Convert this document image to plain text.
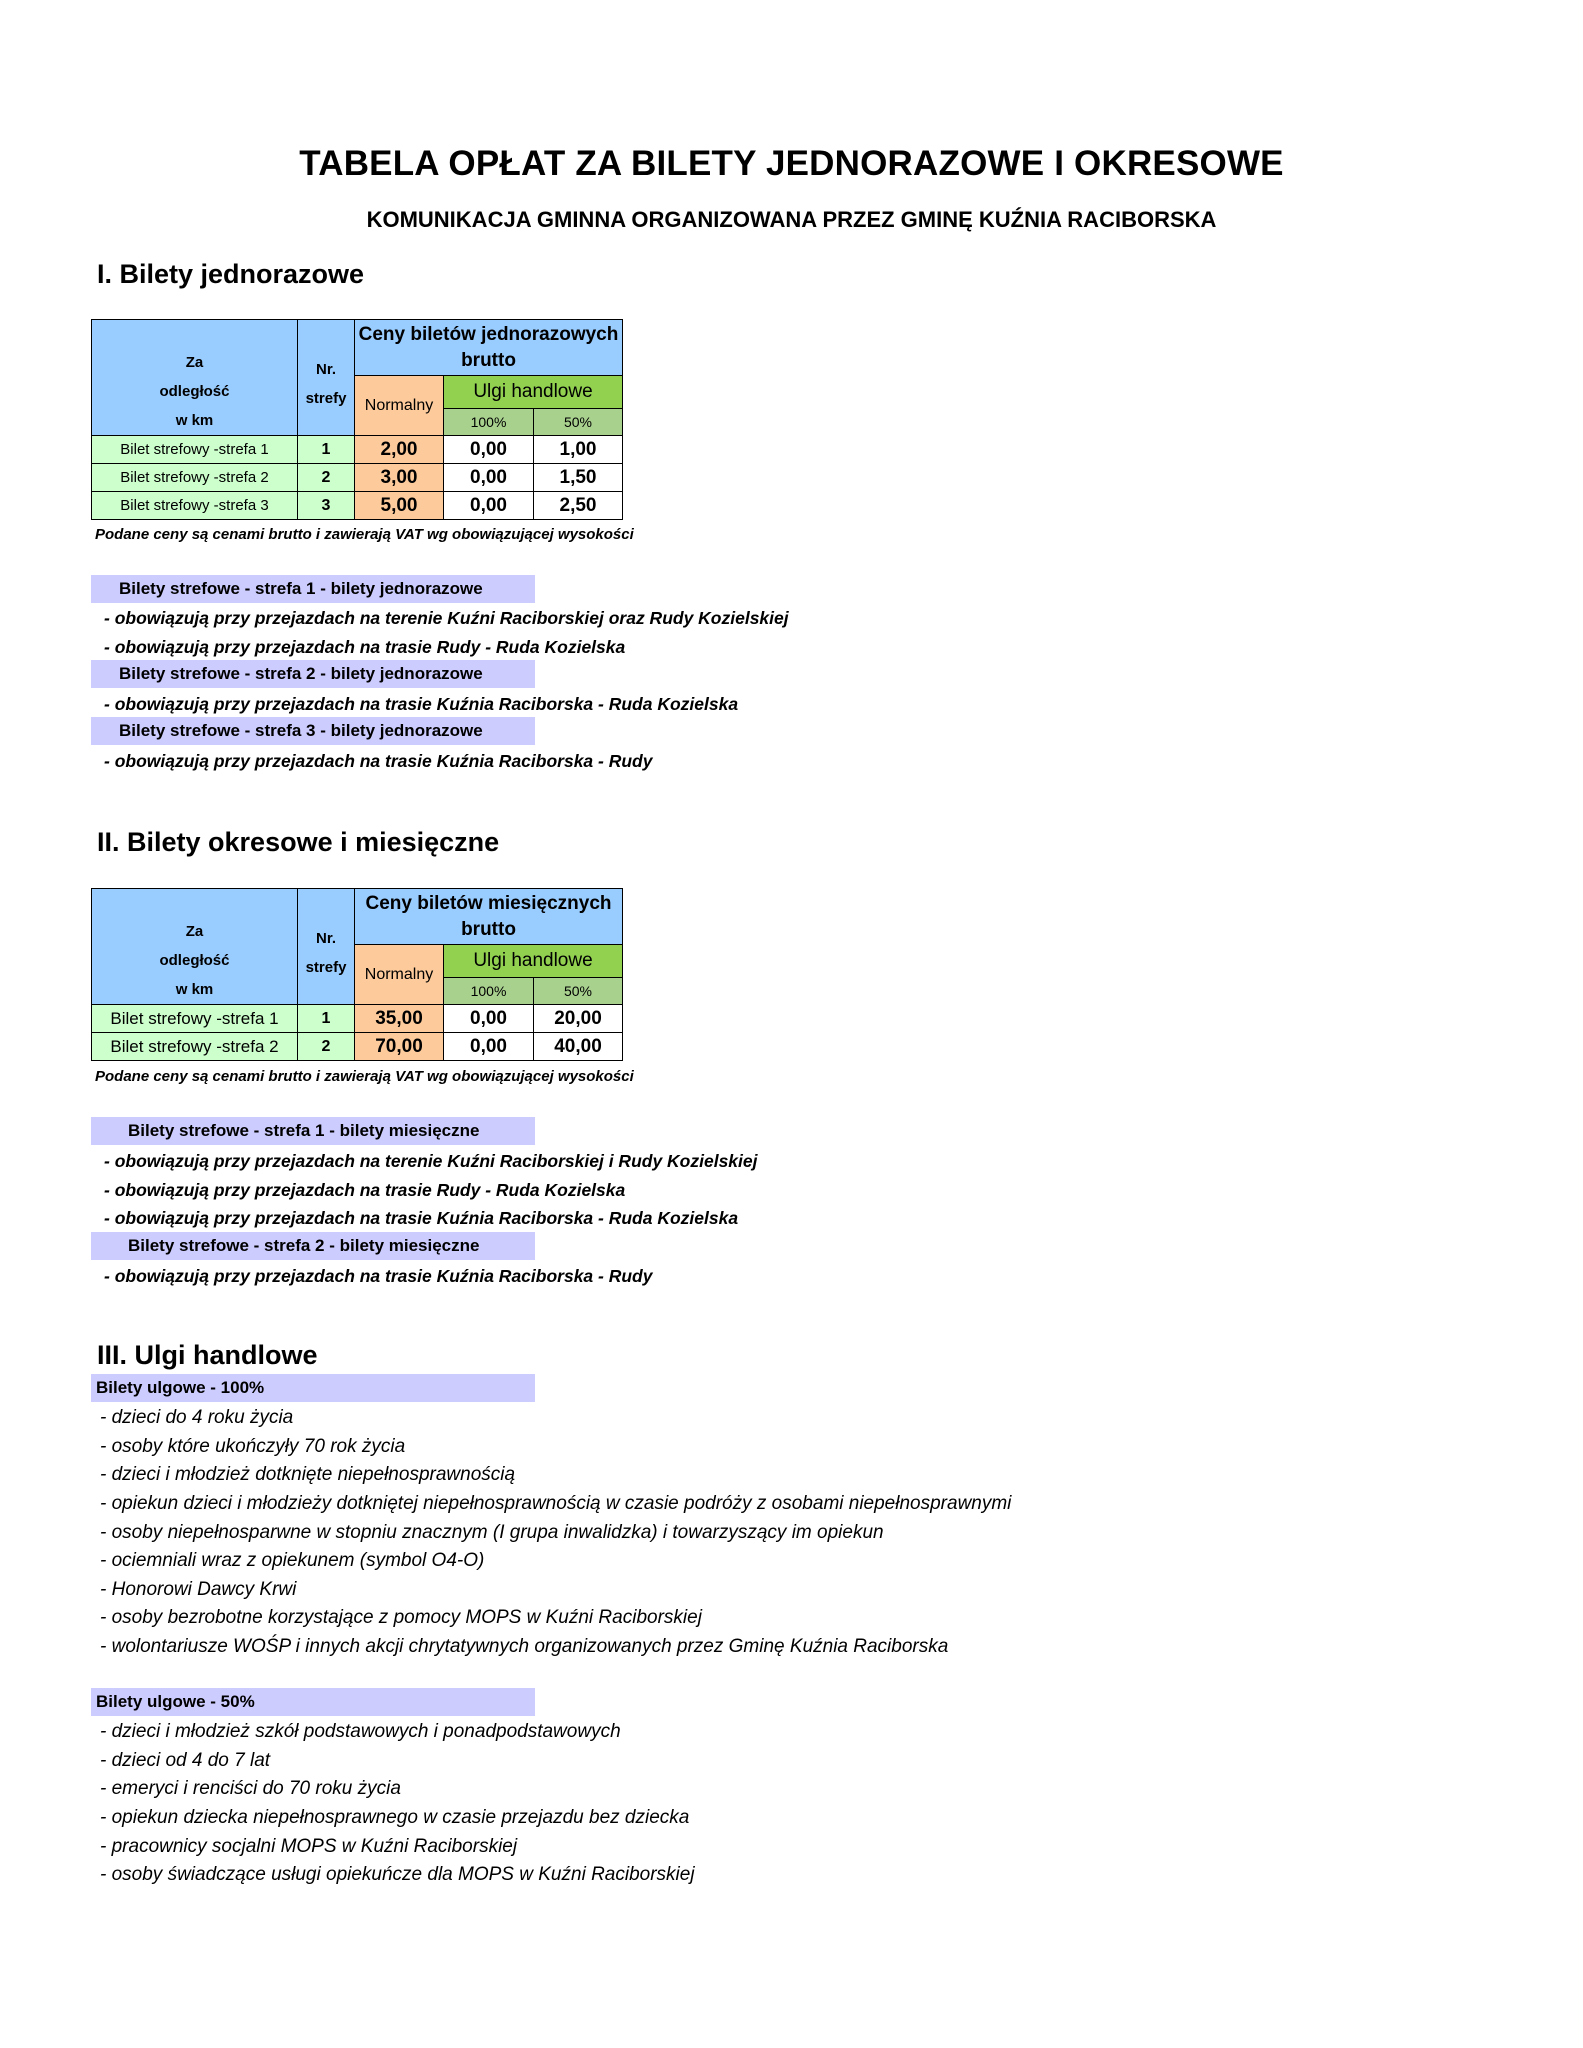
TABELA OPŁAT ZA BILETY JEDNORAZOWE I OKRESOWE
KOMUNIKACJA GMINNA ORGANIZOWANA PRZEZ GMINĘ KUŹNIA RACIBORSKA
I. Bilety jednorazowe
Za
odległość
w km	Nr.
strefy	Ceny biletów jednorazowych brutto		
		Normalny	Ulgi handlowe	
			100%	50%

Bilet strefowy -strefa 1	1	2,00	0,00	1,00
Bilet strefowy -strefa 2	2	3,00	0,00	1,50
Bilet strefowy -strefa 3	3	5,00	0,00	2,50
Podane ceny są cenami brutto i zawierają VAT wg obowiązującej wysokości
Bilety strefowe - strefa 1 - bilety jednorazowe
- obowiązują przy przejazdach na terenie Kuźni Raciborskiej oraz Rudy Kozielskiej
- obowiązują przy przejazdach na trasie Rudy - Ruda Kozielska
Bilety strefowe - strefa 2 - bilety jednorazowe
- obowiązują przy przejazdach na trasie Kuźnia Raciborska - Ruda Kozielska
Bilety strefowe - strefa 3 - bilety jednorazowe
- obowiązują przy przejazdach na trasie Kuźnia Raciborska - Rudy
II. Bilety okresowe i miesięczne
Za
odległość
w km	Nr.
strefy	Ceny biletów miesięcznych brutto		
		Normalny	Ulgi handlowe	
			100%	50%

Bilet strefowy -strefa 1	1	35,00	0,00	20,00
Bilet strefowy -strefa 2	2	70,00	0,00	40,00
Podane ceny są cenami brutto i zawierają VAT wg obowiązującej wysokości
Bilety strefowe - strefa 1 - bilety miesięczne
- obowiązują przy przejazdach na terenie Kuźni Raciborskiej i Rudy Kozielskiej
- obowiązują przy przejazdach na trasie Rudy - Ruda Kozielska
- obowiązują przy przejazdach na trasie Kuźnia Raciborska - Ruda Kozielska
Bilety strefowe - strefa 2 - bilety miesięczne
- obowiązują przy przejazdach na trasie Kuźnia Raciborska - Rudy
III. Ulgi handlowe
Bilety ulgowe - 100%
- dzieci do 4 roku życia
- osoby które ukończyły 70 rok życia
- dzieci i młodzież dotknięte niepełnosprawnością
- opiekun dzieci i młodzieży dotkniętej niepełnosprawnością w czasie podróży z osobami niepełnosprawnymi
- osoby niepełnosparwne w stopniu znacznym (I grupa inwalidzka) i towarzyszący im opiekun
- ociemniali wraz z opiekunem (symbol O4-O)
- Honorowi Dawcy Krwi
- osoby bezrobotne korzystające z pomocy MOPS w Kuźni Raciborskiej
- wolontariusze WOŚP i innych akcji chrytatywnych organizowanych przez Gminę Kuźnia Raciborska
Bilety ulgowe - 50%
- dzieci i młodzież szkół podstawowych i ponadpodstawowych
- dzieci od 4 do 7 lat
- emeryci i renciści do 70 roku życia
- opiekun dziecka niepełnosprawnego w czasie przejazdu bez dziecka
- pracownicy socjalni MOPS w Kuźni Raciborskiej
- osoby świadczące usługi opiekuńcze dla MOPS w Kuźni Raciborskiej
